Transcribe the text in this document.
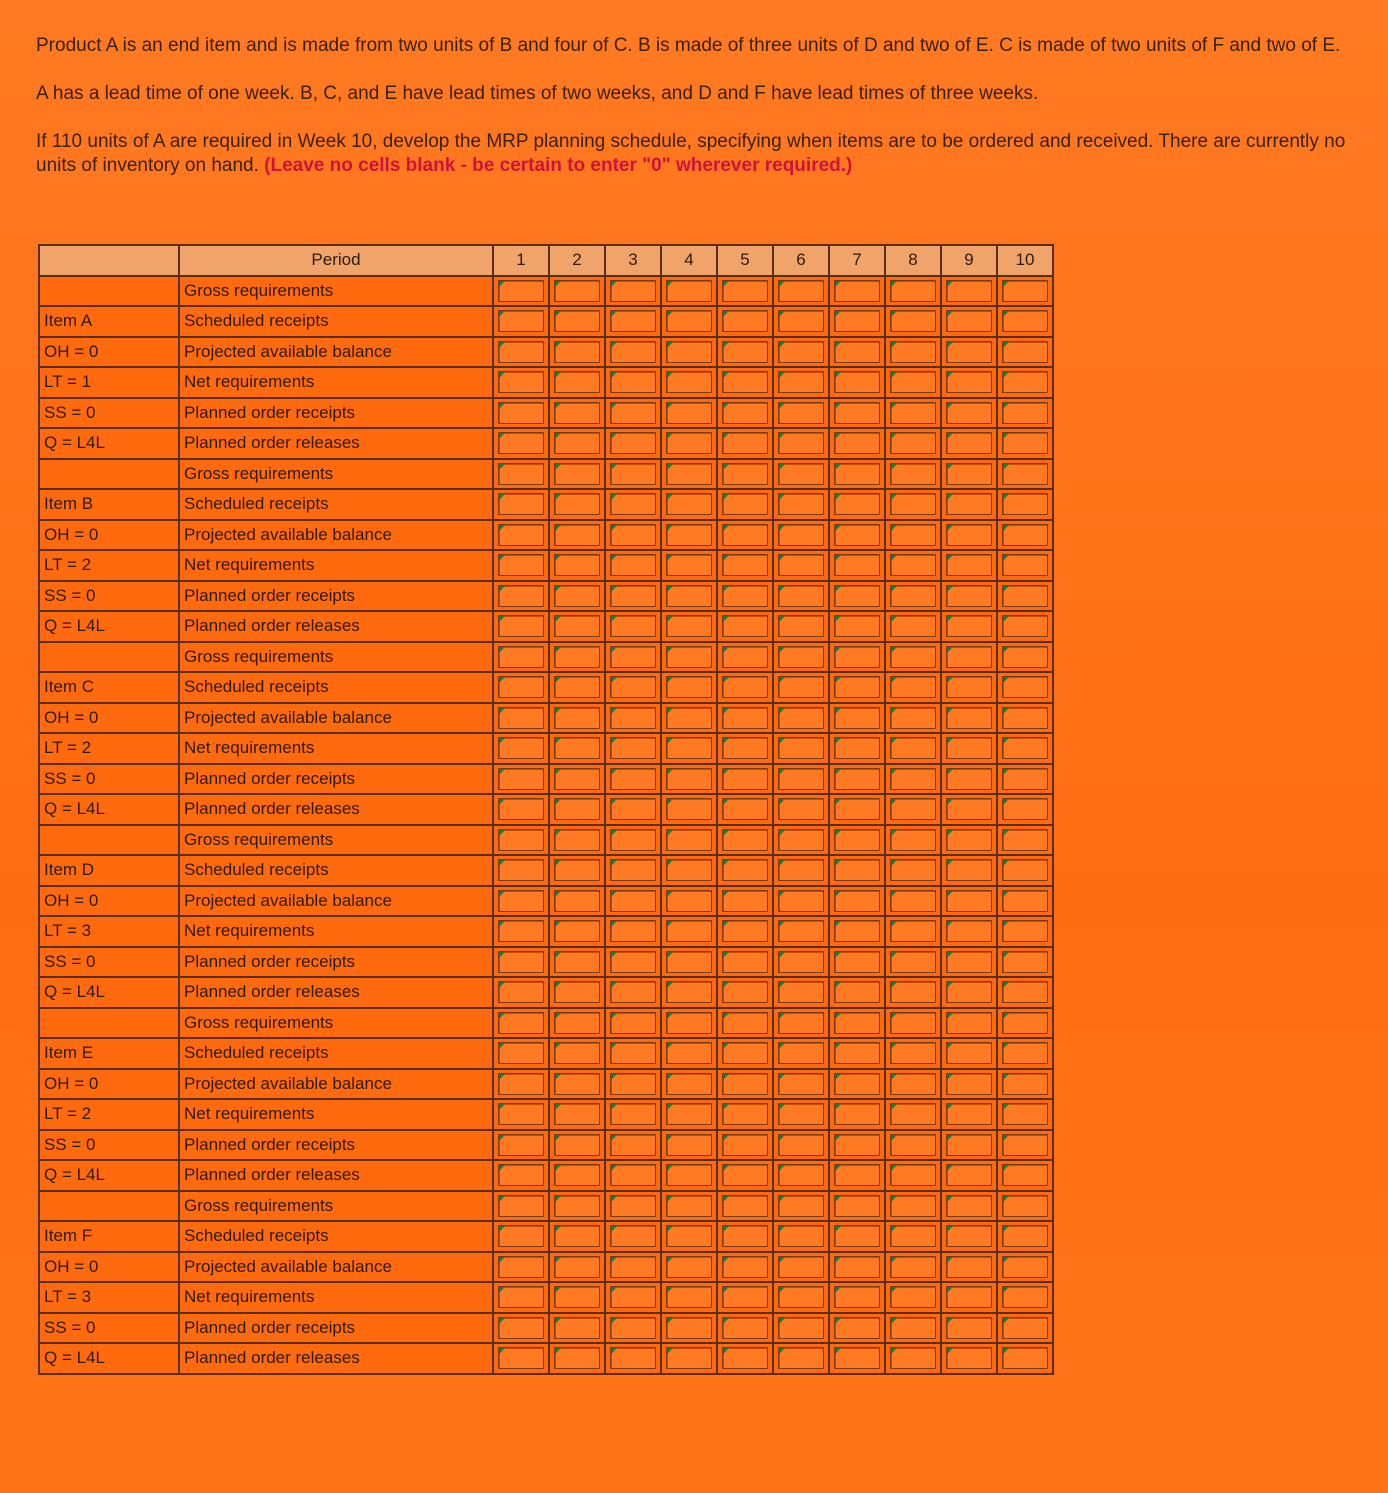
Product A is an end item and is made from two units of B and four of C. B is made of three units of D and two of E. C is made of two units of F and two of E.

A has a lead time of one week. B, C, and E have lead times of two weeks, and D and F have lead times of three weeks.

If 110 units of A are required in Week 10, develop the MRP planning schedule, specifying when items are to be ordered and received. There are currently no units of inventory on hand. (Leave no cells blank - be certain to enter "0" wherever required.)

	Period	1	2	3	4	5	6	7	8	9	10
	Gross requirements	

Item A	Scheduled receipts	

OH = 0	Projected available balance	

LT = 1	Net requirements	

SS = 0	Planned order receipts	

Q = L4L	Planned order releases	

	Gross requirements	

Item B	Scheduled receipts	

OH = 0	Projected available balance	

LT = 2	Net requirements	

SS = 0	Planned order receipts	

Q = L4L	Planned order releases	

	Gross requirements	

Item C	Scheduled receipts	

OH = 0	Projected available balance	

LT = 2	Net requirements	

SS = 0	Planned order receipts	

Q = L4L	Planned order releases	

	Gross requirements	

Item D	Scheduled receipts	

OH = 0	Projected available balance	

LT = 3	Net requirements	

SS = 0	Planned order receipts	

Q = L4L	Planned order releases	

	Gross requirements	

Item E	Scheduled receipts	

OH = 0	Projected available balance	

LT = 2	Net requirements	

SS = 0	Planned order receipts	

Q = L4L	Planned order releases	

	Gross requirements	

Item F	Scheduled receipts	

OH = 0	Projected available balance	

LT = 3	Net requirements	

SS = 0	Planned order receipts	

Q = L4L	Planned order releases	
